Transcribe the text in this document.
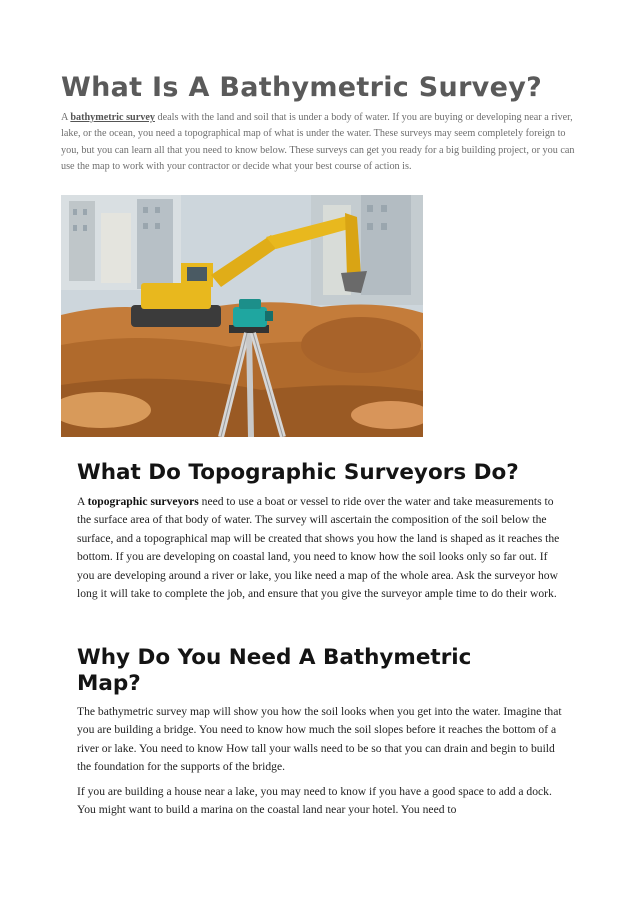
What Is A Bathymetric Survey?

A bathymetric survey deals with the land and soil that is under a body of water. If you are buying or developing near a river, lake, or the ocean, you need a topographical map of what is under the water. These surveys may seem completely foreign to you, but you can learn all that you need to know below. These surveys can get you ready for a big building project, or you can use the map to work with your contractor or decide what your best course of action is.

What Do Topographic Surveyors Do?

A topographic surveyors need to use a boat or vessel to ride over the water and take measurements to the surface area of that body of water. The survey will ascertain the composition of the soil below the surface, and a topographical map will be created that shows you how the land is shaped as it reaches the bottom. If you are developing on coastal land, you need to know how the soil looks only so far out. If you are developing around a river or lake, you like need a map of the whole area. Ask the surveyor how long it will take to complete the job, and ensure that you give the surveyor ample time to do their work.

Why Do You Need A Bathymetric Map?

The bathymetric survey map will show you how the soil looks when you get into the water. Imagine that you are building a bridge. You need to know how much the soil slopes before it reaches the bottom of a river or lake. You need to know How tall your walls need to be so that you can drain and begin to build the foundation for the supports of the bridge.

If you are building a house near a lake, you may need to know if you have a good space to add a dock. You might want to build a marina on the coastal land near your hotel. You need to
